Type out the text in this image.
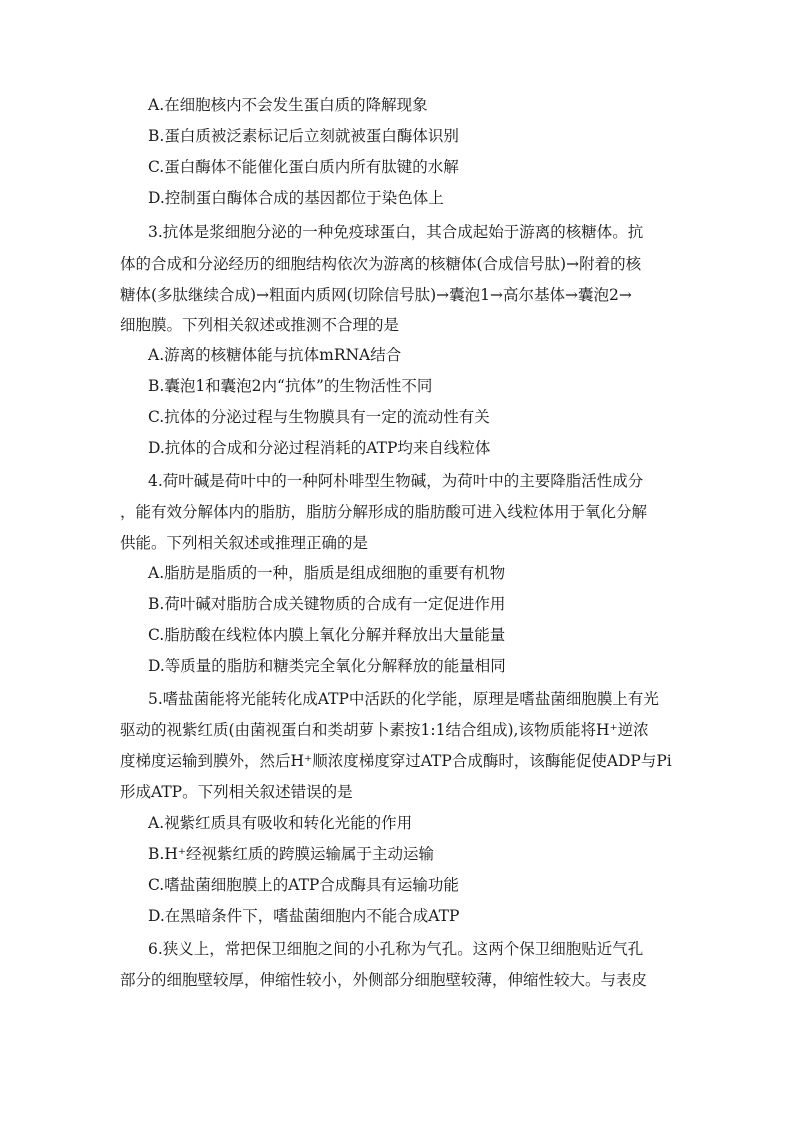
A.在细胞核内不会发生蛋白质的降解现象
B.蛋白质被泛素标记后立刻就被蛋白酶体识别
C.蛋白酶体不能催化蛋白质内所有肽键的水解
D.控制蛋白酶体合成的基因都位于染色体上
3.抗体是浆细胞分泌的一种免疫球蛋白，其合成起始于游离的核糖体。抗
体的合成和分泌经历的细胞结构依次为游离的核糖体(合成信号肽)→附着的核
糖体(多肽继续合成)→粗面内质网(切除信号肽)→囊泡1→高尔基体→囊泡2→
细胞膜。下列相关叙述或推测不合理的是
A.游离的核糖体能与抗体mRNA结合
B.囊泡1和囊泡2内“抗体”的生物活性不同
C.抗体的分泌过程与生物膜具有一定的流动性有关
D.抗体的合成和分泌过程消耗的ATP均来自线粒体
4.荷叶碱是荷叶中的一种阿朴啡型生物碱，为荷叶中的主要降脂活性成分
，能有效分解体内的脂肪，脂肪分解形成的脂肪酸可进入线粒体用于氧化分解
供能。下列相关叙述或推理正确的是
A.脂肪是脂质的一种，脂质是组成细胞的重要有机物
B.荷叶碱对脂肪合成关键物质的合成有一定促进作用
C.脂肪酸在线粒体内膜上氧化分解并释放出大量能量
D.等质量的脂肪和糖类完全氧化分解释放的能量相同
5.嗜盐菌能将光能转化成ATP中活跃的化学能，原理是嗜盐菌细胞膜上有光
驱动的视紫红质(由菌视蛋白和类胡萝卜素按1:1结合组成),该物质能将H⁺逆浓
度梯度运输到膜外，然后H⁺顺浓度梯度穿过ATP合成酶时，该酶能促使ADP与Pi
形成ATP。下列相关叙述错误的是
A.视紫红质具有吸收和转化光能的作用
B.H⁺经视紫红质的跨膜运输属于主动运输
C.嗜盐菌细胞膜上的ATP合成酶具有运输功能
D.在黑暗条件下，嗜盐菌细胞内不能合成ATP
6.狭义上，常把保卫细胞之间的小孔称为气孔。这两个保卫细胞贴近气孔
部分的细胞壁较厚，伸缩性较小，外侧部分细胞壁较薄，伸缩性较大。与表皮
